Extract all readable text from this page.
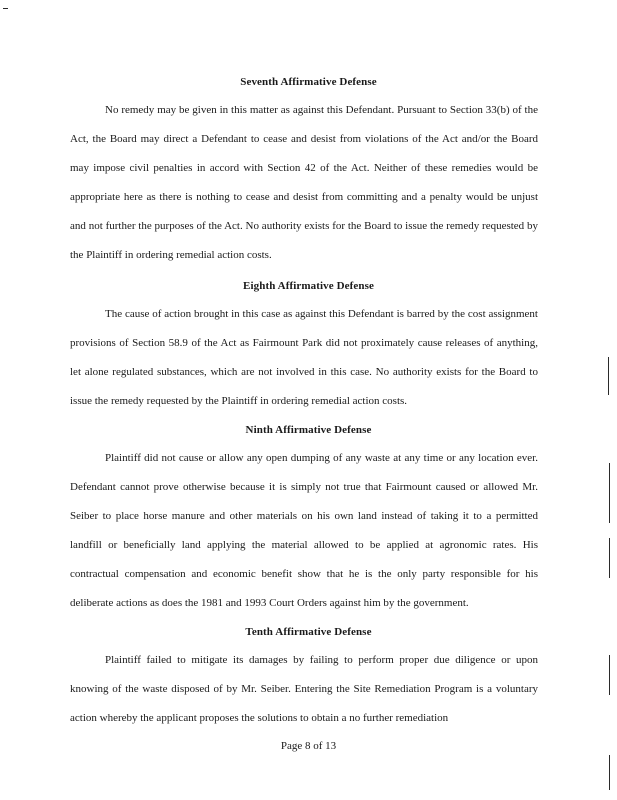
Seventh Affirmative Defense

No remedy may be given in this matter as against this Defendant. Pursuant to Section 33(b) of the Act, the Board may direct a Defendant to cease and desist from violations of the Act and/or the Board may impose civil penalties in accord with Section 42 of the Act. Neither of these remedies would be appropriate here as there is nothing to cease and desist from committing and a penalty would be unjust and not further the purposes of the Act. No authority exists for the Board to issue the remedy requested by the Plaintiff in ordering remedial action costs.

Eighth Affirmative Defense

The cause of action brought in this case as against this Defendant is barred by the cost assignment provisions of Section 58.9 of the Act as Fairmount Park did not proximately cause releases of anything, let alone regulated substances, which are not involved in this case. No authority exists for the Board to issue the remedy requested by the Plaintiff in ordering remedial action costs.

Ninth Affirmative Defense

Plaintiff did not cause or allow any open dumping of any waste at any time or any location ever. Defendant cannot prove otherwise because it is simply not true that Fairmount caused or allowed Mr. Seiber to place horse manure and other materials on his own land instead of taking it to a permitted landfill or beneficially land applying the material allowed to be applied at agronomic rates. His contractual compensation and economic benefit show that he is the only party responsible for his deliberate actions as does the 1981 and 1993 Court Orders against him by the government.

Tenth Affirmative Defense

Plaintiff failed to mitigate its damages by failing to perform proper due diligence or upon knowing of the waste disposed of by Mr. Seiber. Entering the Site Remediation Program is a voluntary action whereby the applicant proposes the solutions to obtain a no further remediation

Page 8 of 13
